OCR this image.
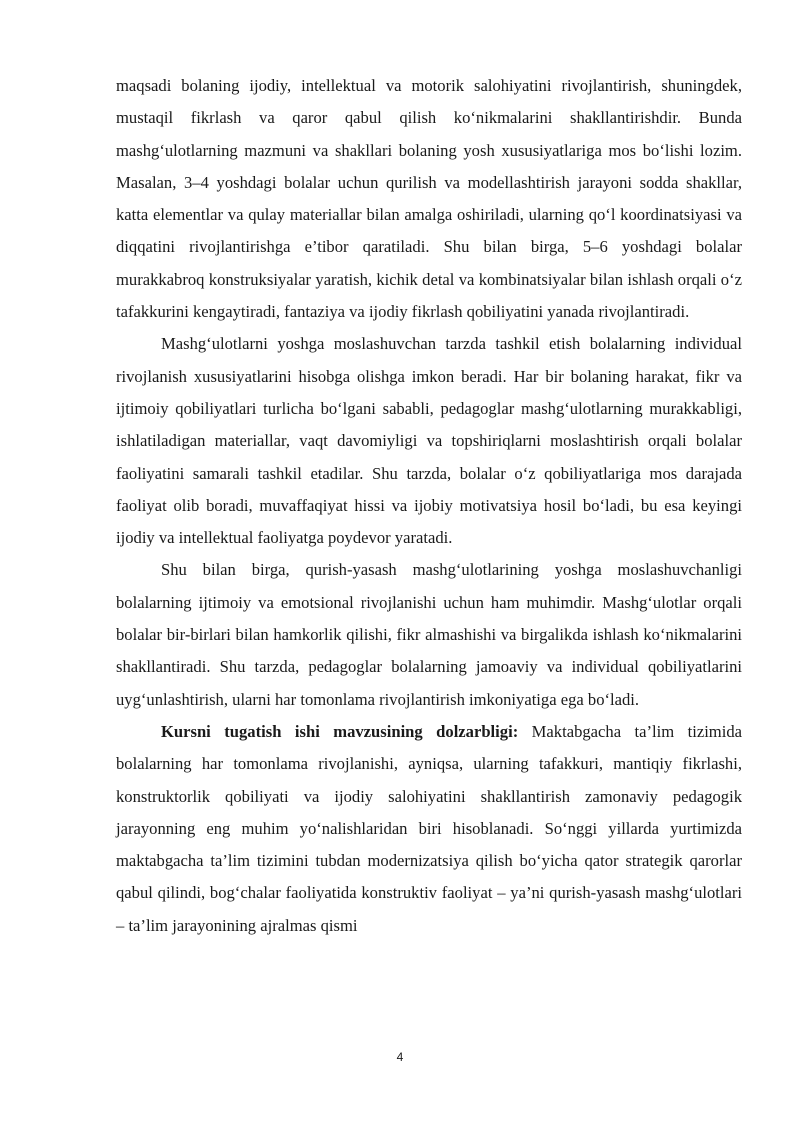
maqsadi bolaning ijodiy, intellektual va motorik salohiyatini rivojlantirish, shuningdek, mustaqil fikrlash va qaror qabul qilish ko‘nikmalarini shakllantirishdir. Bunda mashg‘ulotlarning mazmuni va shakllari bolaning yosh xususiyatlariga mos bo‘lishi lozim. Masalan, 3–4 yoshdagi bolalar uchun qurilish va modellashtirish jarayoni sodda shakllar, katta elementlar va qulay materiallar bilan amalga oshiriladi, ularning qo‘l koordinatsiyasi va diqqatini rivojlantirishga e’tibor qaratiladi. Shu bilan birga, 5–6 yoshdagi bolalar murakkabroq konstruksiyalar yaratish, kichik detal va kombinatsiyalar bilan ishlash orqali o‘z tafakkurini kengaytiradi, fantaziya va ijodiy fikrlash qobiliyatini yanada rivojlantiradi.

Mashg‘ulotlarni yoshga moslashuvchan tarzda tashkil etish bolalarning individual rivojlanish xususiyatlarini hisobga olishga imkon beradi. Har bir bolaning harakat, fikr va ijtimoiy qobiliyatlari turlicha bo‘lgani sababli, pedagoglar mashg‘ulotlarning murakkabligi, ishlatiladigan materiallar, vaqt davomiyligi va topshiriqlarni moslashtirish orqali bolalar faoliyatini samarali tashkil etadilar. Shu tarzda, bolalar o‘z qobiliyatlariga mos darajada faoliyat olib boradi, muvaffaqiyat hissi va ijobiy motivatsiya hosil bo‘ladi, bu esa keyingi ijodiy va intellektual faoliyatga poydevor yaratadi.

Shu bilan birga, qurish-yasash mashg‘ulotlarining yoshga moslashuvchanligi bolalarning ijtimoiy va emotsional rivojlanishi uchun ham muhimdir. Mashg‘ulotlar orqali bolalar bir-birlari bilan hamkorlik qilishi, fikr almashishi va birgalikda ishlash ko‘nikmalarini shakllantiradi. Shu tarzda, pedagoglar bolalarning jamoaviy va individual qobiliyatlarini uyg‘unlashtirish, ularni har tomonlama rivojlantirish imkoniyatiga ega bo‘ladi.

Kursni tugatish ishi mavzusining dolzarbligi: Maktabgacha ta’lim tizimida bolalarning har tomonlama rivojlanishi, ayniqsa, ularning tafakkuri, mantiqiy fikrlashi, konstruktorlik qobiliyati va ijodiy salohiyatini shakllantirish zamonaviy pedagogik jarayonning eng muhim yo‘nalishlaridan biri hisoblanadi. So‘nggi yillarda yurtimizda maktabgacha ta’lim tizimini tubdan modernizatsiya qilish bo‘yicha qator strategik qarorlar qabul qilindi, bog‘chalar faoliyatida konstruktiv faoliyat – ya’ni qurish-yasash mashg‘ulotlari – ta’lim jarayonining ajralmas qismi

4
